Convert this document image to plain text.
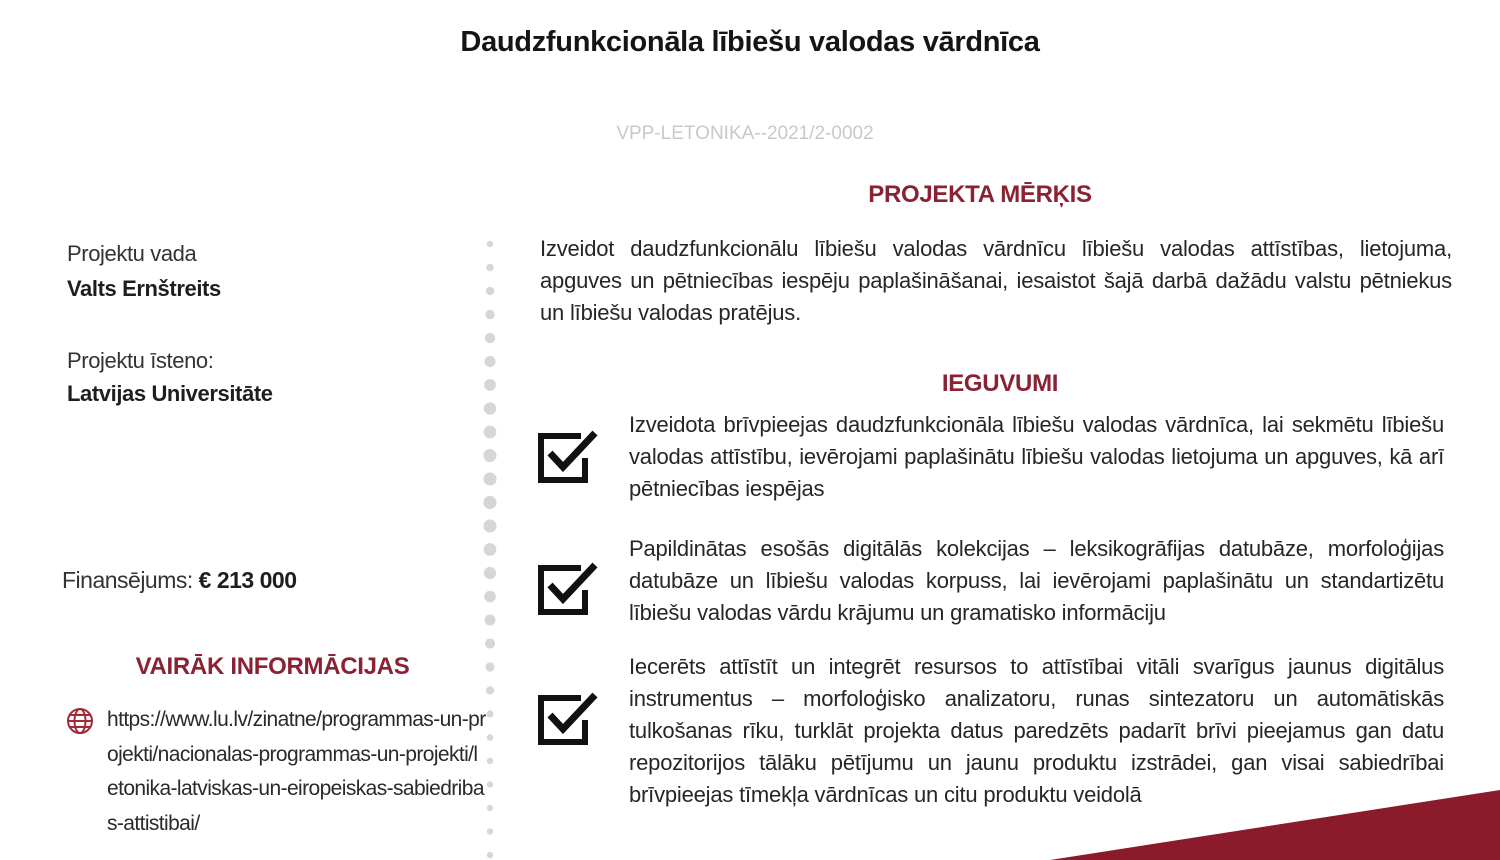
Daudzfunkcionāla lībiešu valodas vārdnīca
VPP-LETONIKA--2021/2-0002
Projektu vada
Valts Ernštreits
Projektu īsteno:
Latvijas Universitāte
Finansējums: € 213 000
VAIRĀK INFORMĀCIJAS
https://www.lu.lv/zinatne/programmas-un-projekti/nacionalas-programmas-un-projekti/letonika-latviskas-un-eiropeiskas-sabiedribas-attistibai/
PROJEKTA MĒRĶIS
Izveidot daudzfunkcionālu lībiešu valodas vārdnīcu lībiešu valodas attīstības, lietojuma, apguves un pētniecības iespēju paplašināšanai, iesaistot šajā darbā dažādu valstu pētniekus un lībiešu valodas pratējus.
IEGUVUMI
Izveidota brīvpieejas daudzfunkcionāla lībiešu valodas vārdnīca, lai sekmētu lībiešu valodas attīstību, ievērojami paplašinātu lībiešu valodas lietojuma un apguves, kā arī pētniecības iespējas
Papildinātas esošās digitālās kolekcijas – leksikogrāfijas datubāze, morfoloģijas datubāze un lībiešu valodas korpuss, lai ievērojami paplašinātu un standartizētu lībiešu valodas vārdu krājumu un gramatisko informāciju
Iecerēts attīstīt un integrēt resursos to attīstībai vitāli svarīgus jaunus digitālus instrumentus – morfoloģisko analizatoru, runas sintezatoru un automātiskās tulkošanas rīku, turklāt projekta datus paredzēts padarīt brīvi pieejamus gan datu repozitorijos tālāku pētījumu un jaunu produktu izstrādei, gan visai sabiedrībai brīvpieejas tīmekļa vārdnīcas un citu produktu veidolā
